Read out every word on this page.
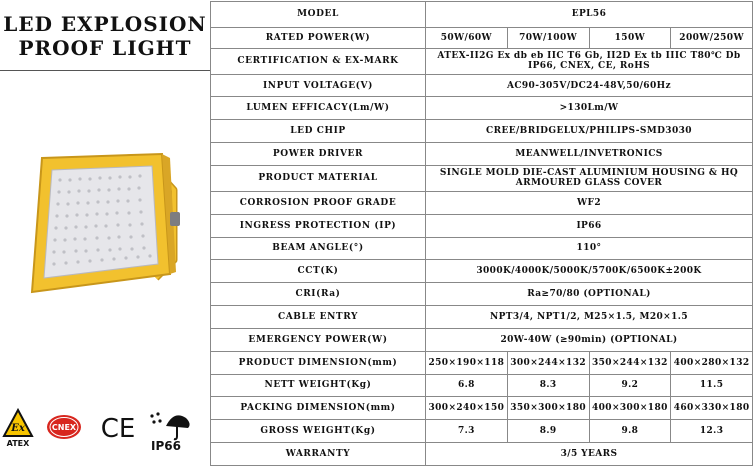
LED EXPLOSION
PROOF LIGHT
Ex
ATEX
CNEX CE
IP66
MODEL	EPL56			
RATED POWER(W)	50W/60W	70W/100W	150W	200W/250W
CERTIFICATION & EX-MARK	ATEX-II2G Ex db eb IIC T6 Gb, II2D Ex tb IIIC T80℃ Db IP66, CNEX, CE, RoHS			
INPUT VOLTAGE(V)	AC90-305V/DC24-48V,50/60Hz			
LUMEN EFFICACY(Lm/W)	>130Lm/W			
LED CHIP	CREE/BRIDGELUX/PHILIPS-SMD3030			
POWER DRIVER	MEANWELL/INVETRONICS			
PRODUCT MATERIAL	SINGLE MOLD DIE-CAST ALUMINIUM HOUSING & HQ ARMOURED GLASS COVER			
CORROSION PROOF GRADE	WF2			
INGRESS PROTECTION (IP)	IP66			
BEAM ANGLE(°)	110°			
CCT(K)	3000K/4000K/5000K/5700K/6500K±200K			
CRI(Ra)	Ra≥70/80 (OPTIONAL)			
CABLE ENTRY	NPT3/4, NPT1/2, M25×1.5, M20×1.5			
EMERGENCY POWER(W)	20W-40W (≥90min) (OPTIONAL)			
PRODUCT DIMENSION(mm)	250×190×118	300×244×132	350×244×132	400×280×132
NETT WEIGHT(Kg)	6.8	8.3	9.2	11.5
PACKING DIMENSION(mm)	300×240×150	350×300×180	400×300×180	460×330×180
GROSS WEIGHT(Kg)	7.3	8.9	9.8	12.3
WARRANTY	3/5 YEARS			
